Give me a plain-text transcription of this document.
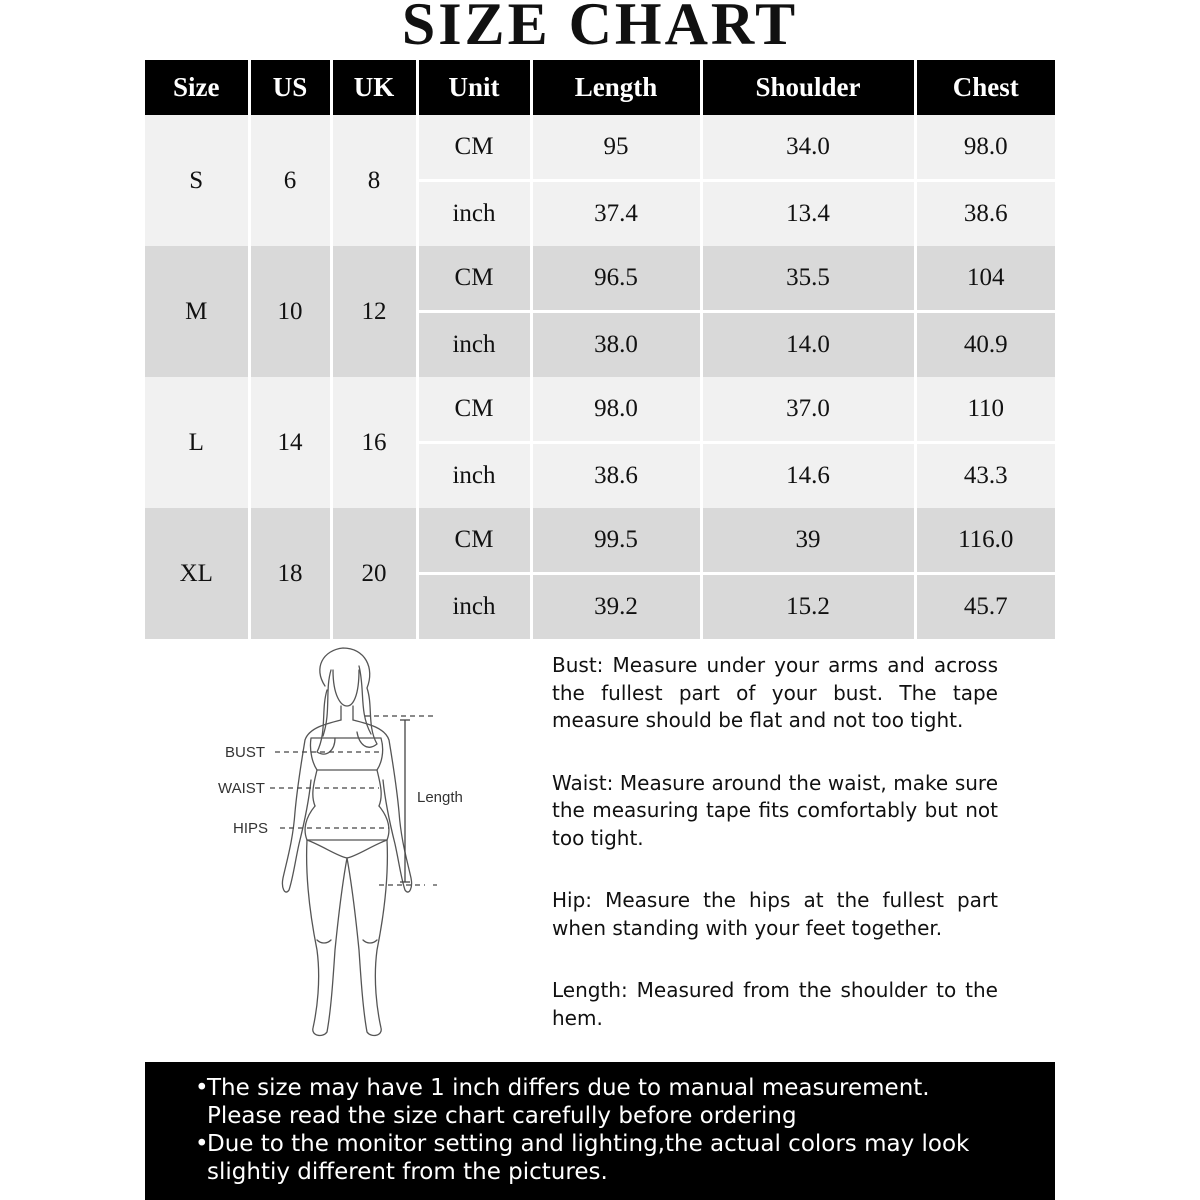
SIZE CHART
Size	US	UK	Unit	Length	Shoulder	Chest
S	6	8	CM	95	34.0	98.0
			inch	37.4	13.4	38.6
M	10	12	CM	96.5	35.5	104
			inch	38.0	14.0	40.9
L	14	16	CM	98.0	37.0	110
			inch	38.6	14.6	43.3
XL	18	20	CM	99.5	39	116.0
			inch	39.2	15.2	45.7
BUST
WAIST
HIPS
Length

Bust: Measure under your arms and across the fullest part of your bust. The tape measure should be flat and not too tight.

Waist: Measure around the waist, make sure the measuring tape fits comfortably but not too tight.

Hip: Measure the hips at the fullest part when standing with your feet together.

Length: Measured from the shoulder to the hem.

•
The size may have 1 inch differs due to manual measurement.
Please read the size chart carefully before ordering
•
Due to the monitor setting and lighting,the actual colors may look
slightiy different from the pictures.
